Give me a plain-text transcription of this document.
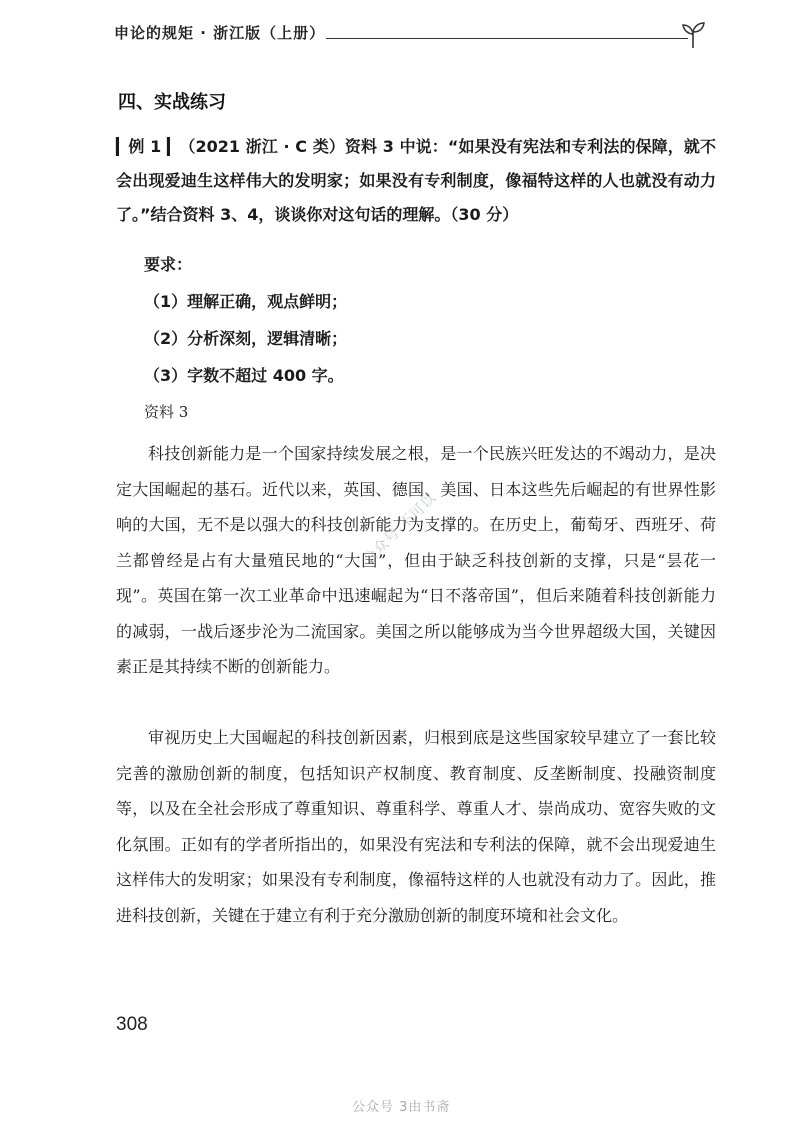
申论的规矩 · 浙江版（上册）
四、实战练习
▎例 1 ▎（2021 浙江 · C 类）资料 3 中说：“如果没有宪法和专利法的保障，就不会出现爱迪生这样伟大的发明家；如果没有专利制度，像福特这样的人也就没有动力了。”结合资料 3、4，谈谈你对这句话的理解。（30 分）
要求：
（1）理解正确，观点鲜明；
（2）分析深刻，逻辑清晰；
（3）字数不超过 400 字。
资料 3
科技创新能力是一个国家持续发展之根，是一个民族兴旺发达的不竭动力，是决定大国崛起的基石。近代以来，英国、德国、美国、日本这些先后崛起的有世界性影响的大国，无不是以强大的科技创新能力为支撑的。在历史上，葡萄牙、西班牙、荷兰都曾经是占有大量殖民地的“大国”，但由于缺乏科技创新的支撑，只是“昙花一现”。英国在第一次工业革命中迅速崛起为“日不落帝国”，但后来随着科技创新能力的减弱，一战后逐步沦为二流国家。美国之所以能够成为当今世界超级大国，关键因素正是其持续不断的创新能力。
审视历史上大国崛起的科技创新因素，归根到底是这些国家较早建立了一套比较完善的激励创新的制度，包括知识产权制度、教育制度、反垄断制度、投融资制度等，以及在全社会形成了尊重知识、尊重科学、尊重人才、崇尚成功、宽容失败的文化氛围。正如有的学者所指出的，如果没有宪法和专利法的保障，就不会出现爱迪生这样伟大的发明家；如果没有专利制度，像福特这样的人也就没有动力了。因此，推进科技创新，关键在于建立有利于充分激励创新的制度环境和社会文化。
公众号 不可以
308
公众号 3由书斋
